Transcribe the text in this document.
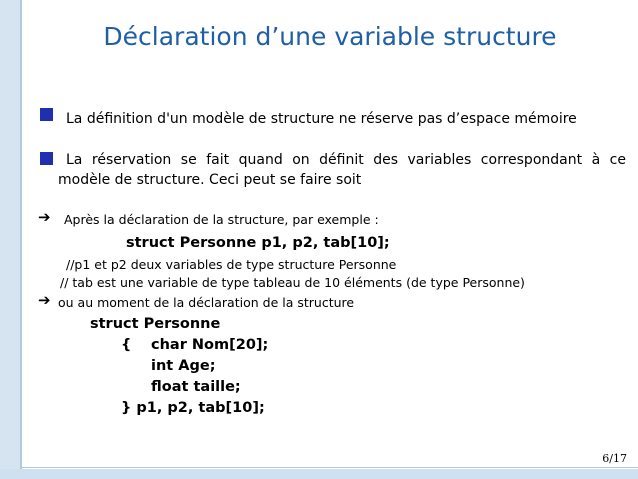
Déclaration d’une variable structure
La définition d'un modèle de structure ne réserve pas d’espace mémoire
La réservation se fait quand on définit des variables correspondant à ce
modèle de structure. Ceci peut se faire soit
➔ Après la déclaration de la structure, par exemple :
struct Personne p1, p2, tab[10];
//p1 et p2 deux variables de type structure Personne
// tab est une variable de type tableau de 10 éléments (de type Personne)
➔ ou au moment de la déclaration de la structure
struct Personne
{ char Nom[20];
int Age;
float taille;
} p1, p2, tab[10];
6/17
